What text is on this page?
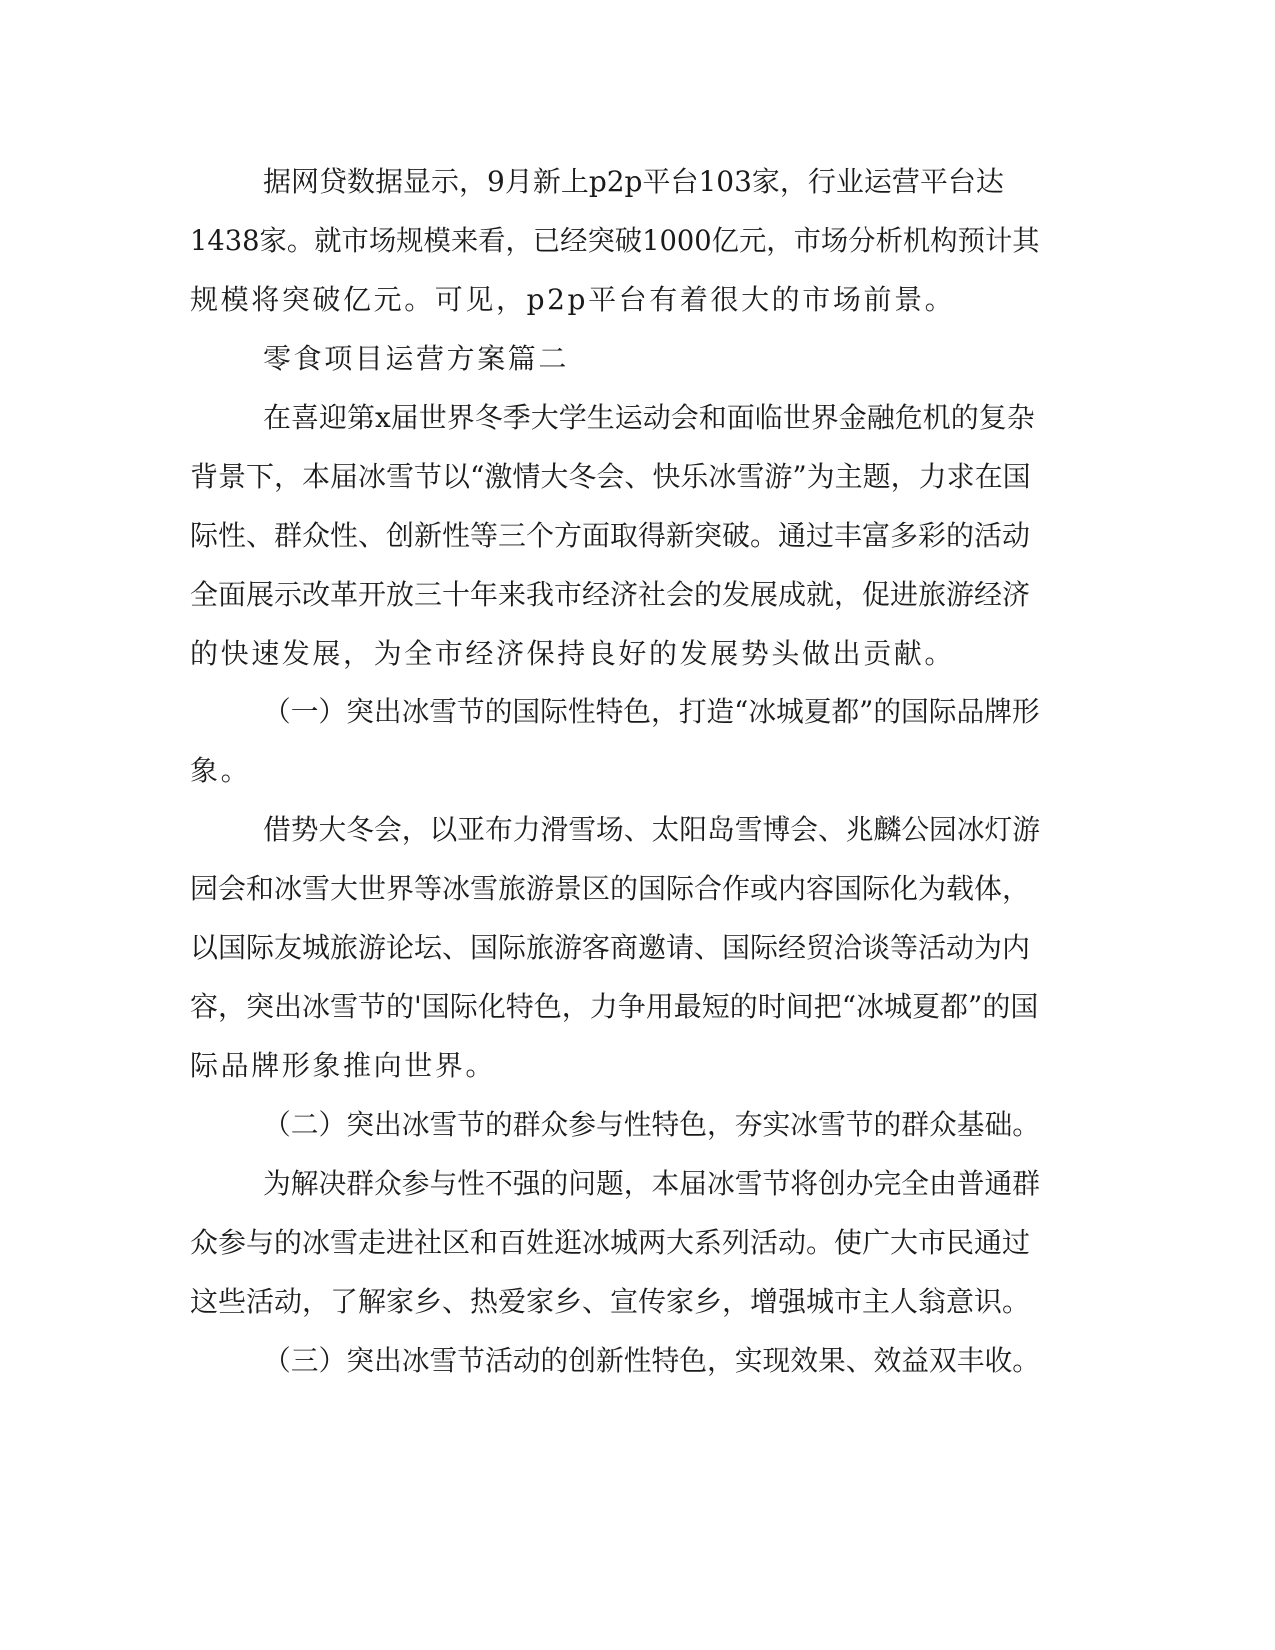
据网贷数据显示，9月新上p2p平台103家，行业运营平台达
1438家。就市场规模来看，已经突破1000亿元，市场分析机构预计其
规模将突破亿元。可见，p2p平台有着很大的市场前景。
零食项目运营方案篇二
在喜迎第x届世界冬季大学生运动会和面临世界金融危机的复杂
背景下，本届冰雪节以“激情大冬会、快乐冰雪游”为主题，力求在国
际性、群众性、创新性等三个方面取得新突破。通过丰富多彩的活动
全面展示改革开放三十年来我市经济社会的发展成就，促进旅游经济
的快速发展，为全市经济保持良好的发展势头做出贡献。
（一）突出冰雪节的国际性特色，打造“冰城夏都”的国际品牌形
象。
借势大冬会，以亚布力滑雪场、太阳岛雪博会、兆麟公园冰灯游
园会和冰雪大世界等冰雪旅游景区的国际合作或内容国际化为载体，
以国际友城旅游论坛、国际旅游客商邀请、国际经贸洽谈等活动为内
容，突出冰雪节的'国际化特色，力争用最短的时间把“冰城夏都”的国
际品牌形象推向世界。
（二）突出冰雪节的群众参与性特色，夯实冰雪节的群众基础。
为解决群众参与性不强的问题，本届冰雪节将创办完全由普通群
众参与的冰雪走进社区和百姓逛冰城两大系列活动。使广大市民通过
这些活动，了解家乡、热爱家乡、宣传家乡，增强城市主人翁意识。
（三）突出冰雪节活动的创新性特色，实现效果、效益双丰收。
